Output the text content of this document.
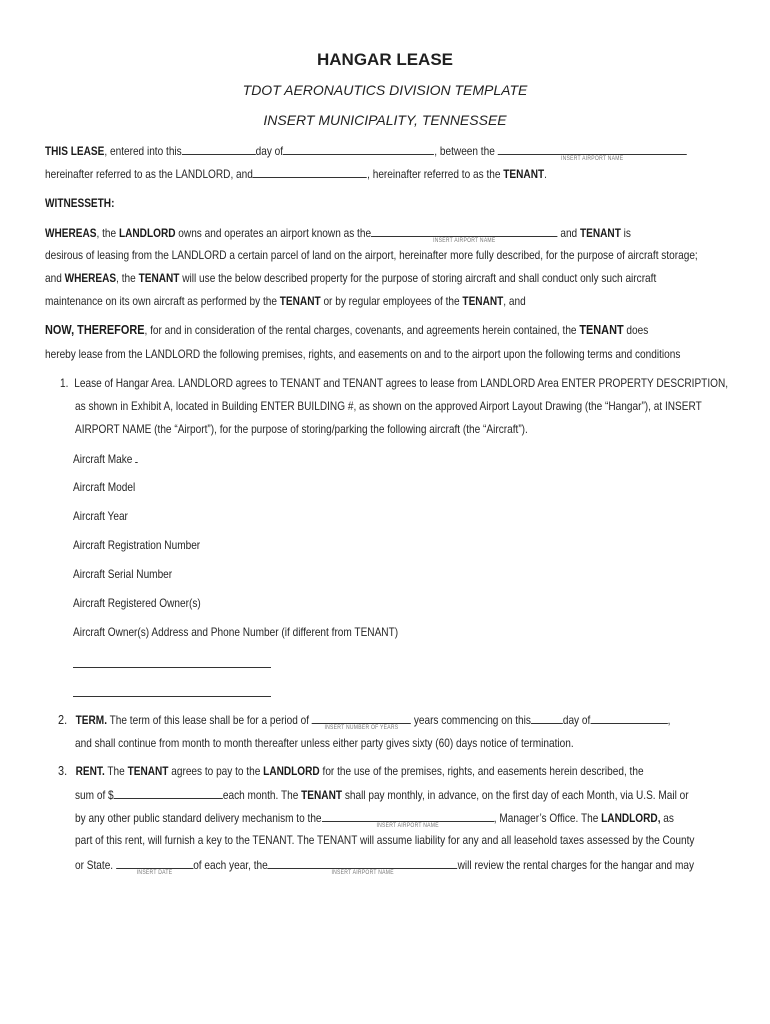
HANGAR LEASE
TDOT AERONAUTICS DIVISION TEMPLATE
INSERT MUNICIPALITY, TENNESSEE
THIS LEASE, entered into this	day of	, between the
INSERT AIRPORT NAME
hereinafter referred to as the LANDLORD, and	, hereinafter referred to as the TENANT.
WITNESSETH:
WHEREAS, the LANDLORD owns and operates an airport known as the
INSERT AIRPORT NAME
and TENANT is
desirous of leasing from the LANDLORD a certain parcel of land on the airport, hereinafter more fully described, for the purpose of aircraft storage;
and WHEREAS, the TENANT will use the below described property for the purpose of storing aircraft and shall conduct only such aircraft
maintenance on its own aircraft as performed by the TENANT or by regular employees of the TENANT, and
NOW, THEREFORE, for and in consideration of the rental charges, covenants, and agreements herein contained, the TENANT does
hereby lease from the LANDLORD the following premises, rights, and easements on and to the airport upon the following terms and conditions
1. Lease of Hangar Area. LANDLORD agrees to TENANT and TENANT agrees to lease from LANDLORD Area ENTER PROPERTY DESCRIPTION,
as shown in Exhibit A, located in Building ENTER BUILDING #, as shown on the approved Airport Layout Drawing (the “Hangar”), at INSERT
AIRPORT NAME (the “Airport”), for the purpose of storing/parking the following aircraft (the “Aircraft”).
Aircraft Make
Aircraft Model
Aircraft Year
Aircraft Registration Number
Aircraft Serial Number
Aircraft Registered Owner(s)
Aircraft Owner(s) Address and Phone Number (if different from TENANT)
2. TERM. The term of this lease shall be for a period of
INSERT NUMBER OF YEARS
years commencing on this	day of	,
and shall continue from month to month thereafter unless either party gives sixty (60) days notice of termination.
3. RENT. The TENANT agrees to pay to the LANDLORD for the use of the premises, rights, and easements herein described, the
sum of $	each month. The TENANT shall pay monthly, in advance, on the first day of each Month, via U.S. Mail or
by any other public standard delivery mechanism to the
INSERT AIRPORT NAME
, Manager’s Office. The LANDLORD, as
part of this rent, will furnish a key to the TENANT. The TENANT will assume liability for any and all leasehold taxes assessed by the County
or State.
INSERT DATE
of each year, the
INSERT AIRPORT NAME
will review the rental charges for the hangar and may
